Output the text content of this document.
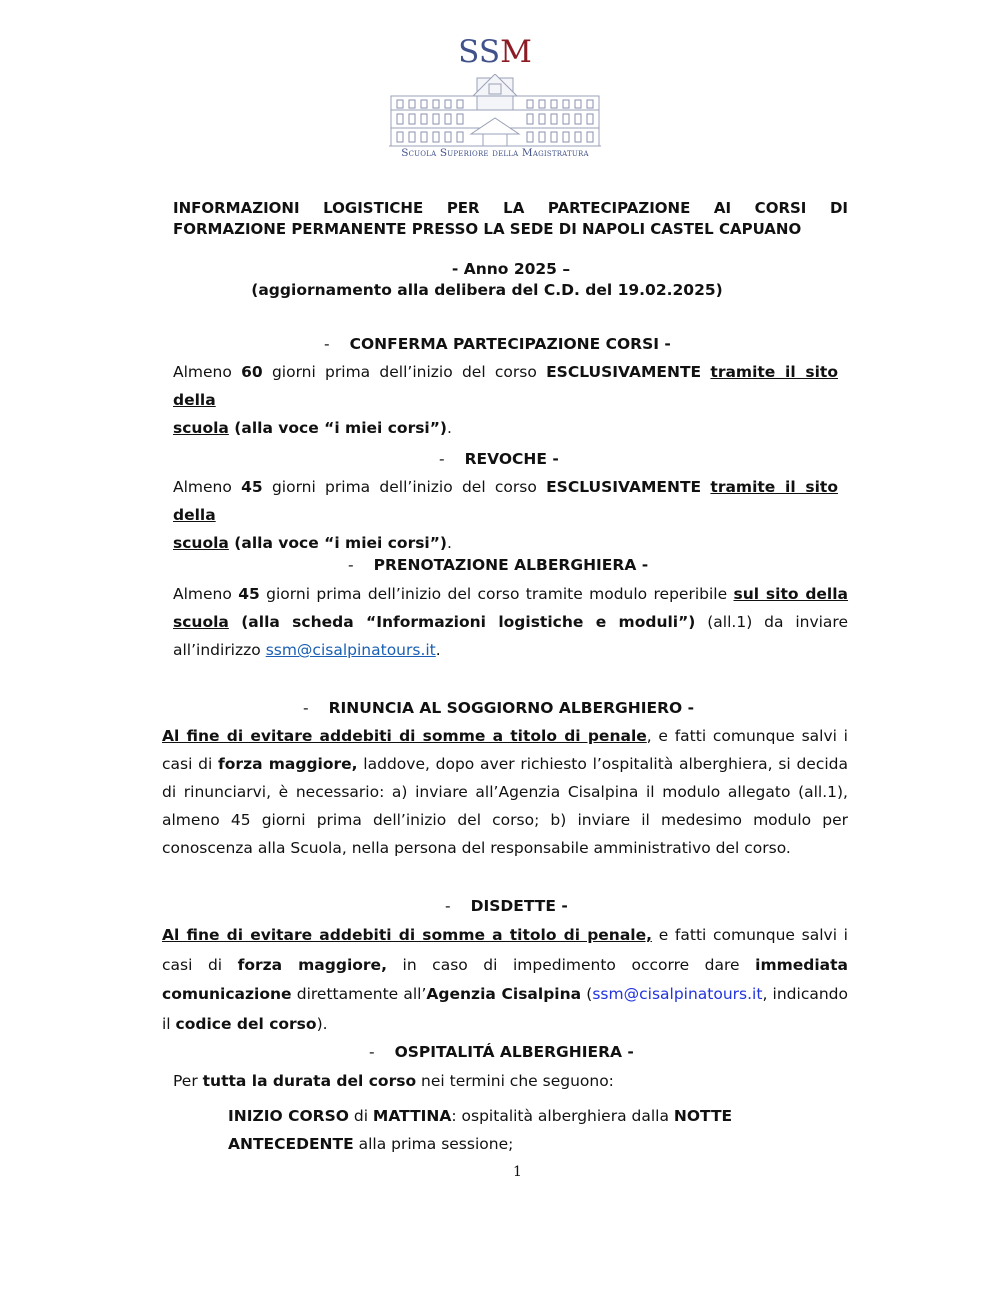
SSM
Scuola Superiore della Magistratura
INFORMAZIONI LOGISTICHE PER LA PARTECIPAZIONE AI CORSI DI
FORMAZIONE PERMANENTE PRESSO LA SEDE DI NAPOLI CASTEL CAPUANO
- Anno 2025 –
(aggiornamento alla delibera del C.D. del 19.02.2025)
- CONFERMA PARTECIPAZIONE CORSI -
Almeno 60 giorni prima dell’inizio del corso ESCLUSIVAMENTE tramite il sito della
scuola (alla voce “i miei corsi”).
- REVOCHE -
Almeno 45 giorni prima dell’inizio del corso ESCLUSIVAMENTE tramite il sito della
scuola (alla voce “i miei corsi”).
- PRENOTAZIONE ALBERGHIERA -
Almeno 45 giorni prima dell’inizio del corso tramite modulo reperibile sul sito della scuola (alla scheda “Informazioni logistiche e moduli”) (all.1) da inviare all’indirizzo ssm@cisalpinatours.it.
- RINUNCIA AL SOGGIORNO ALBERGHIERO -
Al fine di evitare addebiti di somme a titolo di penale, e fatti comunque salvi i casi di forza maggiore, laddove, dopo aver richiesto l’ospitalità alberghiera, si decida di rinunciarvi, è necessario: a) inviare all’Agenzia Cisalpina il modulo allegato (all.1), almeno 45 giorni prima dell’inizio del corso; b) inviare il medesimo modulo per conoscenza alla Scuola, nella persona del responsabile amministrativo del corso.
- DISDETTE -
Al fine di evitare addebiti di somme a titolo di penale, e fatti comunque salvi i casi di forza maggiore, in caso di impedimento occorre dare immediata comunicazione direttamente all’Agenzia Cisalpina (ssm@cisalpinatours.it, indicando il codice del corso).
- OSPITALITÁ ALBERGHIERA -
Per tutta la durata del corso nei termini che seguono:
INIZIO CORSO di MATTINA: ospitalità alberghiera dalla NOTTE
ANTECEDENTE alla prima sessione;
1
